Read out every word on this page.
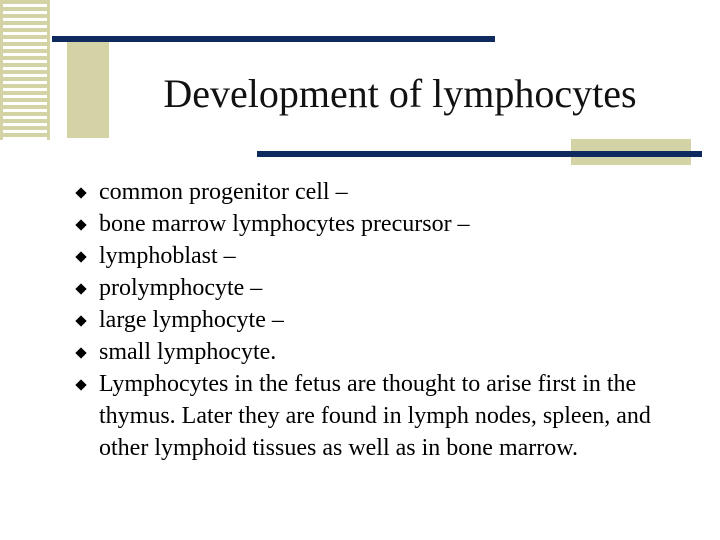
Development of lymphocytes
common progenitor cell –
bone marrow lymphocytes precursor –
lymphoblast –
prolymphocyte –
large lymphocyte –
small lymphocyte.
Lymphocytes in the fetus are thought to arise first in the thymus. Later they are found in lymph nodes, spleen, and other lymphoid tissues as well as in bone marrow.
